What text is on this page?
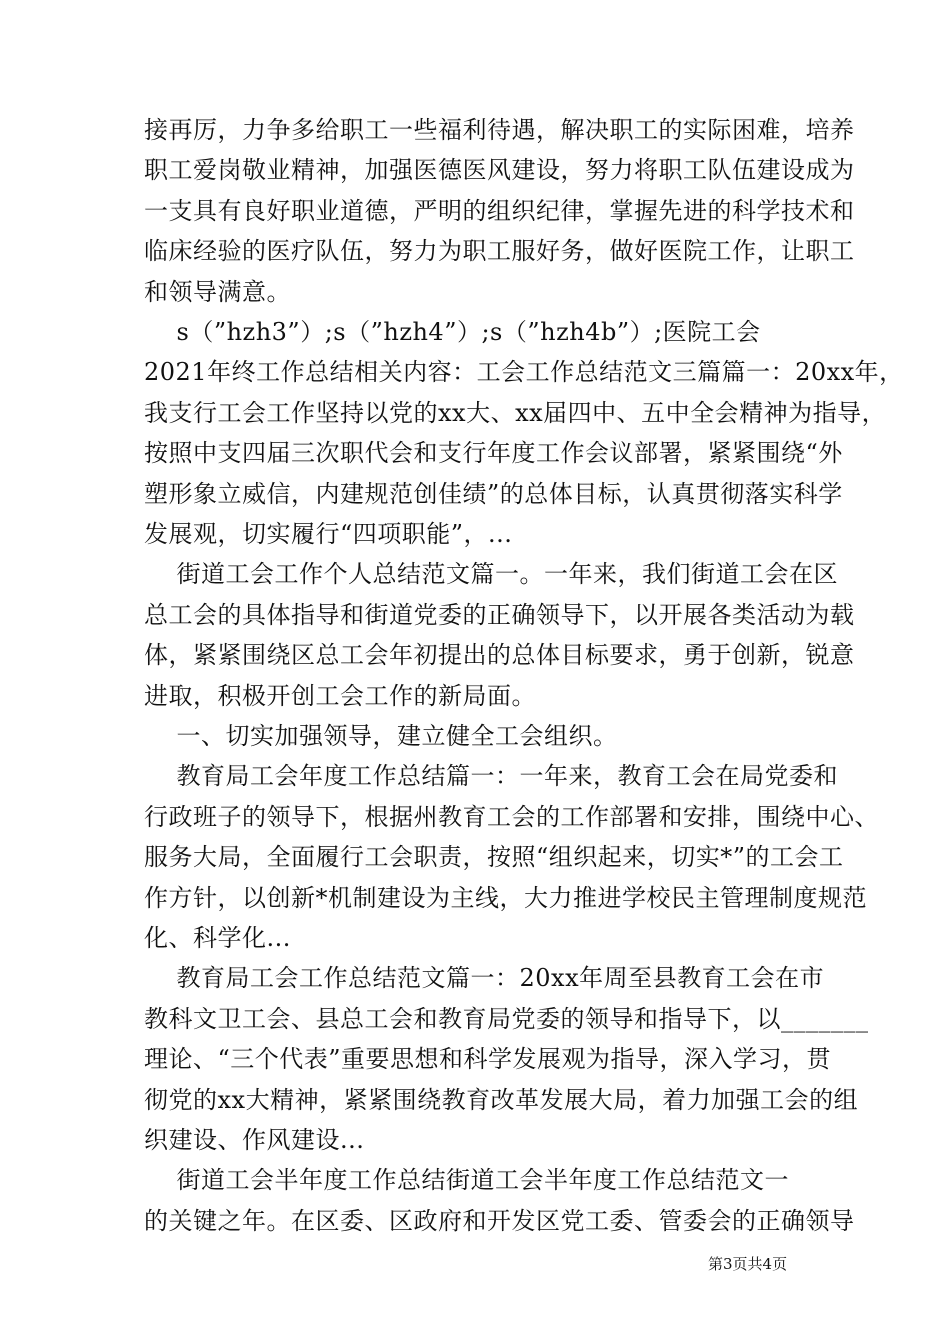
接再厉，力争多给职工一些福利待遇，解决职工的实际困难，培养
职工爱岗敬业精神，加强医德医风建设，努力将职工队伍建设成为
一支具有良好职业道德，严明的组织纪律，掌握先进的科学技术和
临床经验的医疗队伍，努力为职工服好务，做好医院工作，让职工
和领导满意。
s（”hzh3”）;s（”hzh4”）;s（”hzh4b”）;医院工会
2021年终工作总结相关内容：工会工作总结范文三篇篇一：20xx年，
我支行工会工作坚持以党的xx大、xx届四中、五中全会精神为指导，
按照中支四届三次职代会和支行年度工作会议部署，紧紧围绕“外
塑形象立威信，内建规范创佳绩”的总体目标，认真贯彻落实科学
发展观，切实履行“四项职能”，...
街道工会工作个人总结范文篇一。一年来，我们街道工会在区
总工会的具体指导和街道党委的正确领导下，以开展各类活动为载
体，紧紧围绕区总工会年初提出的总体目标要求，勇于创新，锐意
进取，积极开创工会工作的新局面。
一、切实加强领导，建立健全工会组织。
教育局工会年度工作总结篇一：一年来，教育工会在局党委和
行政班子的领导下，根据州教育工会的工作部署和安排，围绕中心、
服务大局，全面履行工会职责，按照“组织起来，切实*”的工会工
作方针，以创新*机制建设为主线，大力推进学校民主管理制度规范
化、科学化...
教育局工会工作总结范文篇一：20xx年周至县教育工会在市
教科文卫工会、县总工会和教育局党委的领导和指导下，以_______
理论、“三个代表”重要思想和科学发展观为指导，深入学习，贯
彻党的xx大精神，紧紧围绕教育改革发展大局，着力加强工会的组
织建设、作风建设...
街道工会半年度工作总结街道工会半年度工作总结范文一
的关键之年。在区委、区政府和开发区党工委、管委会的正确领导
第3页共4页
